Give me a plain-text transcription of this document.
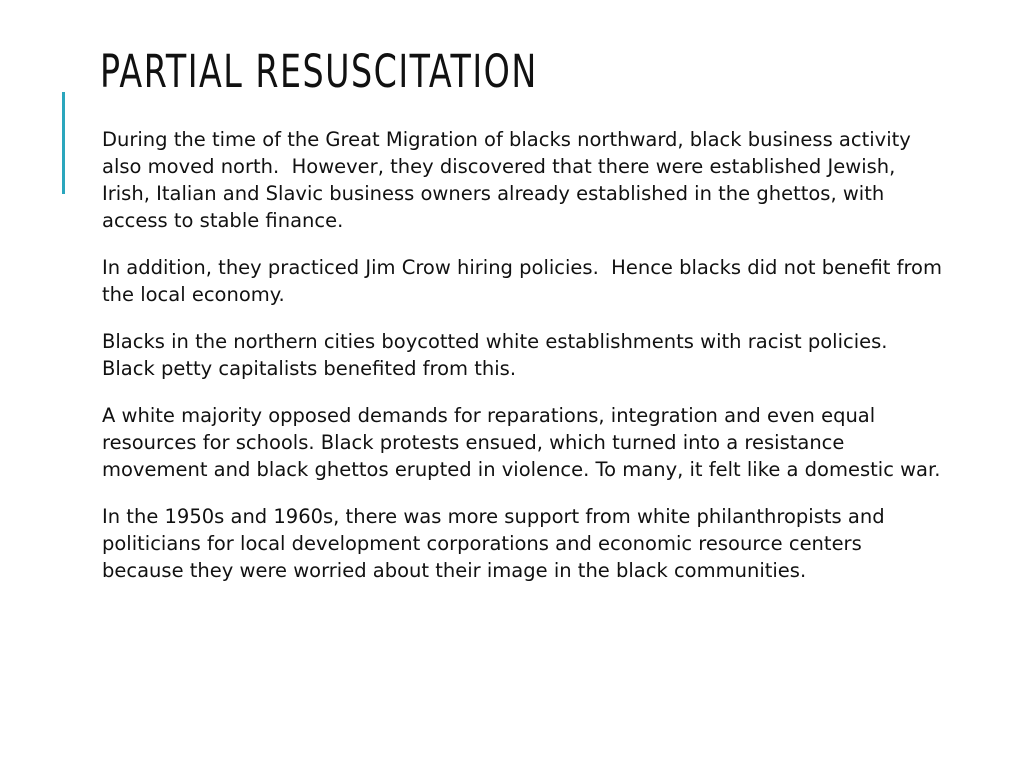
PARTIAL RESUSCITATION

During the time of the Great Migration of blacks northward, black business activity also moved north.  However, they discovered that there were established Jewish, Irish, Italian and Slavic business owners already established in the ghettos, with access to stable finance.

In addition, they practiced Jim Crow hiring policies.  Hence blacks did not benefit from the local economy.

Blacks in the northern cities boycotted white establishments with racist policies.  Black petty capitalists benefited from this.

A white majority opposed demands for reparations, integration and even equal resources for schools. Black protests ensued, which turned into a resistance movement and black ghettos erupted in violence. To many, it felt like a domestic war.

In the 1950s and 1960s, there was more support from white philanthropists and politicians for local development corporations and economic resource centers because they were worried about their image in the black communities.
